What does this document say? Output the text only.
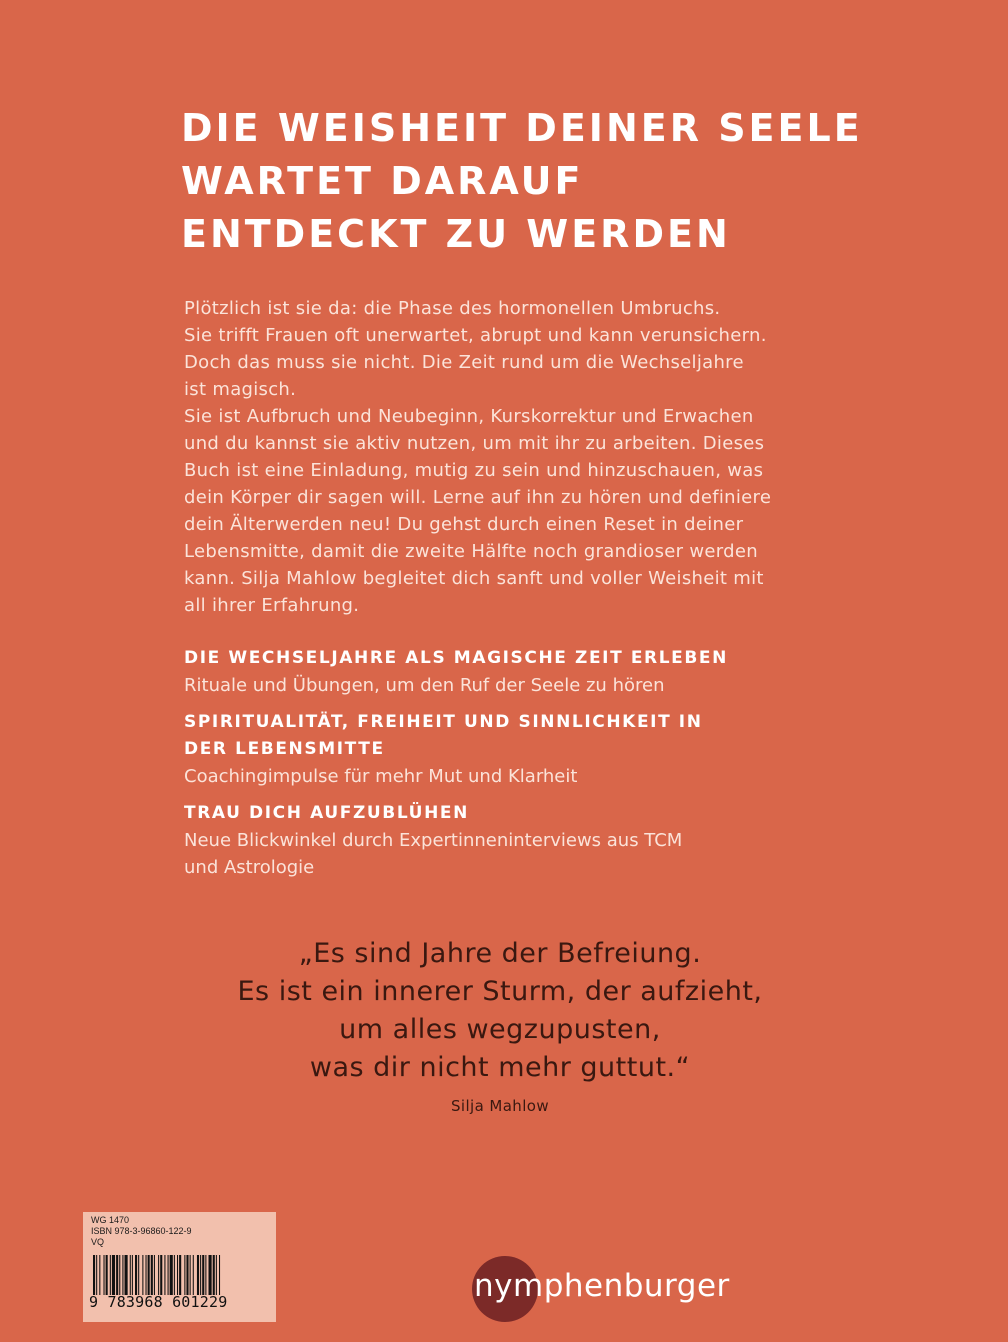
DIE WEISHEIT DEINER SEELE
WARTET DARAUF
ENTDECKT ZU WERDEN
Plötzlich ist sie da: die Phase des hormonellen Umbruchs.
Sie trifft Frauen oft unerwartet, abrupt und kann verunsichern.
Doch das muss sie nicht. Die Zeit rund um die Wechseljahre
ist magisch.
Sie ist Aufbruch und Neubeginn, Kurskorrektur und Erwachen
und du kannst sie aktiv nutzen, um mit ihr zu arbeiten. Dieses
Buch ist eine Einladung, mutig zu sein und hinzuschauen, was
dein Körper dir sagen will. Lerne auf ihn zu hören und definiere
dein Älterwerden neu! Du gehst durch einen Reset in deiner
Lebensmitte, damit die zweite Hälfte noch grandioser werden
kann. Silja Mahlow begleitet dich sanft und voller Weisheit mit
all ihrer Erfahrung.
DIE WECHSELJAHRE ALS MAGISCHE ZEIT ERLEBEN
Rituale und Übungen, um den Ruf der Seele zu hören
SPIRITUALITÄT, FREIHEIT UND SINNLICHKEIT IN
DER LEBENSMITTE
Coachingimpulse für mehr Mut und Klarheit
TRAU DICH AUFZUBLÜHEN
Neue Blickwinkel durch Expertinneninterviews aus TCM
und Astrologie
„Es sind Jahre der Befreiung.
Es ist ein innerer Sturm, der aufzieht,
um alles wegzupusten,
was dir nicht mehr guttut.“
Silja Mahlow
WG 1470
ISBN 978-3-96860-122-9
VQ
9 783968 601229	nymphenburger
